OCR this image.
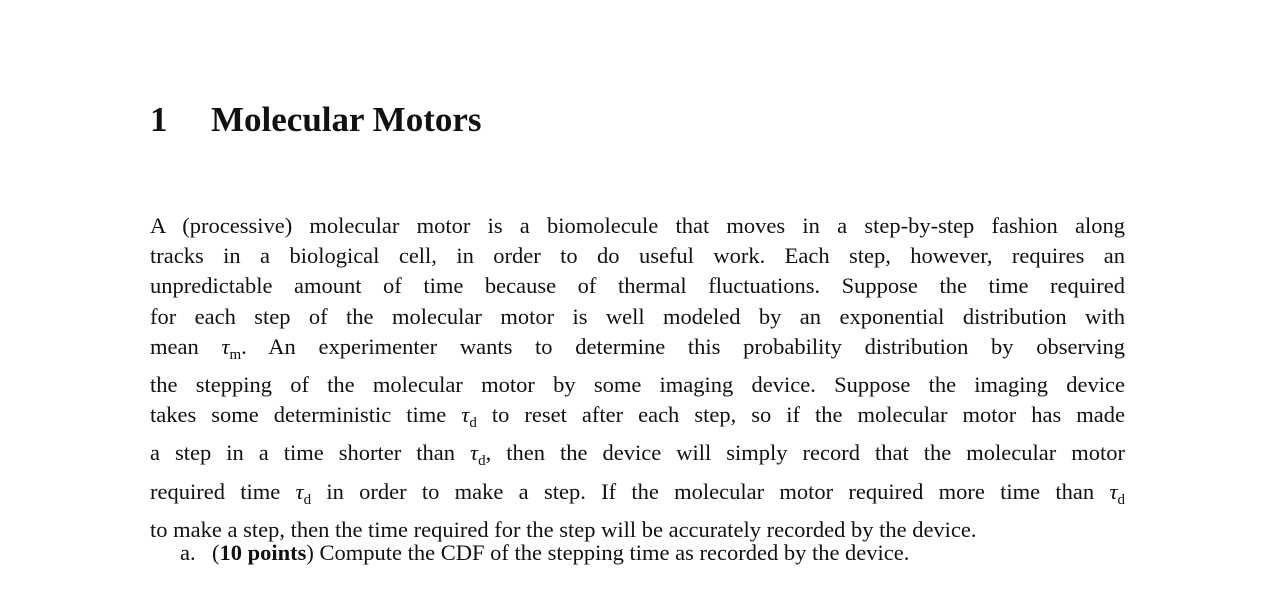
1 Molecular Motors
A (processive) molecular motor is a biomolecule that moves in a step-by-step fashion along
tracks in a biological cell, in order to do useful work. Each step, however, requires an
unpredictable amount of time because of thermal fluctuations. Suppose the time required
for each step of the molecular motor is well modeled by an exponential distribution with
mean $\tau_m$. An experimenter wants to determine this probability distribution by observing
the stepping of the molecular motor by some imaging device. Suppose the imaging device
takes some deterministic time $\tau_d$ to reset after each step, so if the molecular motor has made
a step in a time shorter than $\tau_d$, then the device will simply record that the molecular motor
required time $\tau_d$ in order to make a step. If the molecular motor required more time than $\tau_d$
to make a step, then the time required for the step will be accurately recorded by the device.
a. (10 points) Compute the CDF of the stepping time as recorded by the device.
